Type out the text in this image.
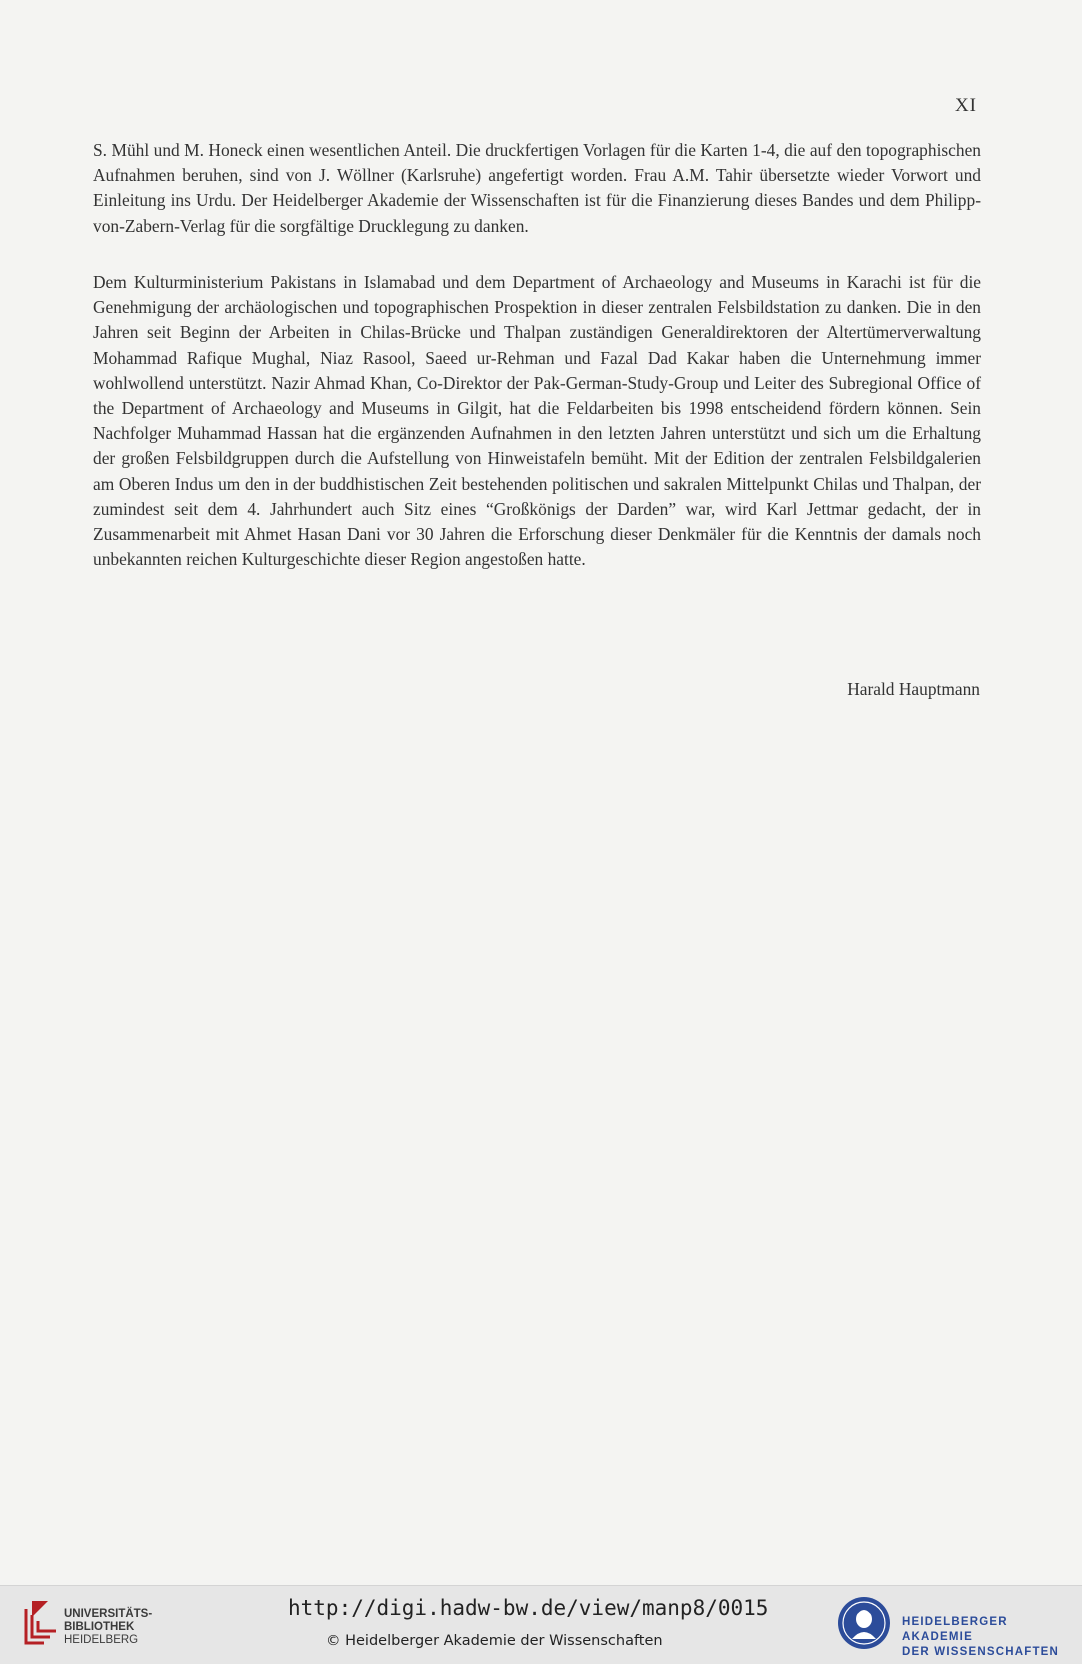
XI

S. Mühl und M. Honeck einen wesentlichen Anteil. Die druckfertigen Vorlagen für die Karten 1-4, die auf den topographischen Aufnahmen beruhen, sind von J. Wöllner (Karlsruhe) angefertigt worden. Frau A.M. Tahir übersetzte wieder Vorwort und Einleitung ins Urdu. Der Heidelberger Akademie der Wissenschaften ist für die Finanzierung dieses Bandes und dem Philipp-von-Zabern-Verlag für die sorgfältige Drucklegung zu danken.

Dem Kulturministerium Pakistans in Islamabad und dem Department of Archaeology and Museums in Karachi ist für die Genehmigung der archäologischen und topographischen Prospektion in dieser zentralen Felsbildstation zu danken. Die in den Jahren seit Beginn der Arbeiten in Chilas-Brücke und Thalpan zuständigen Generaldirektoren der Altertümerverwaltung Mohammad Rafique Mughal, Niaz Rasool, Saeed ur-Rehman und Fazal Dad Kakar haben die Unternehmung immer wohlwollend unterstützt. Nazir Ahmad Khan, Co-Direktor der Pak-German-Study-Group und Leiter des Subregional Office of the Department of Archaeology and Museums in Gilgit, hat die Feldarbeiten bis 1998 entscheidend fördern können. Sein Nachfolger Muhammad Hassan hat die ergänzenden Aufnahmen in den letzten Jahren unterstützt und sich um die Erhaltung der großen Felsbildgruppen durch die Aufstellung von Hinweistafeln bemüht. Mit der Edition der zentralen Felsbildgalerien am Oberen Indus um den in der buddhistischen Zeit bestehenden politischen und sakralen Mittelpunkt Chilas und Thalpan, der zumindest seit dem 4. Jahrhundert auch Sitz eines “Großkönigs der Darden” war, wird Karl Jettmar gedacht, der in Zusammenarbeit mit Ahmet Hasan Dani vor 30 Jahren die Erforschung dieser Denkmäler für die Kenntnis der damals noch unbekannten reichen Kulturgeschichte dieser Region angestoßen hatte.

Harald Hauptmann
UNIVERSITÄTS-
BIBLIOTHEK
HEIDELBERG
http://digi.hadw-bw.de/view/manp8/0015
© Heidelberger Akademie der Wissenschaften
HEIDELBERGER AKADEMIE
DER WISSENSCHAFTEN
